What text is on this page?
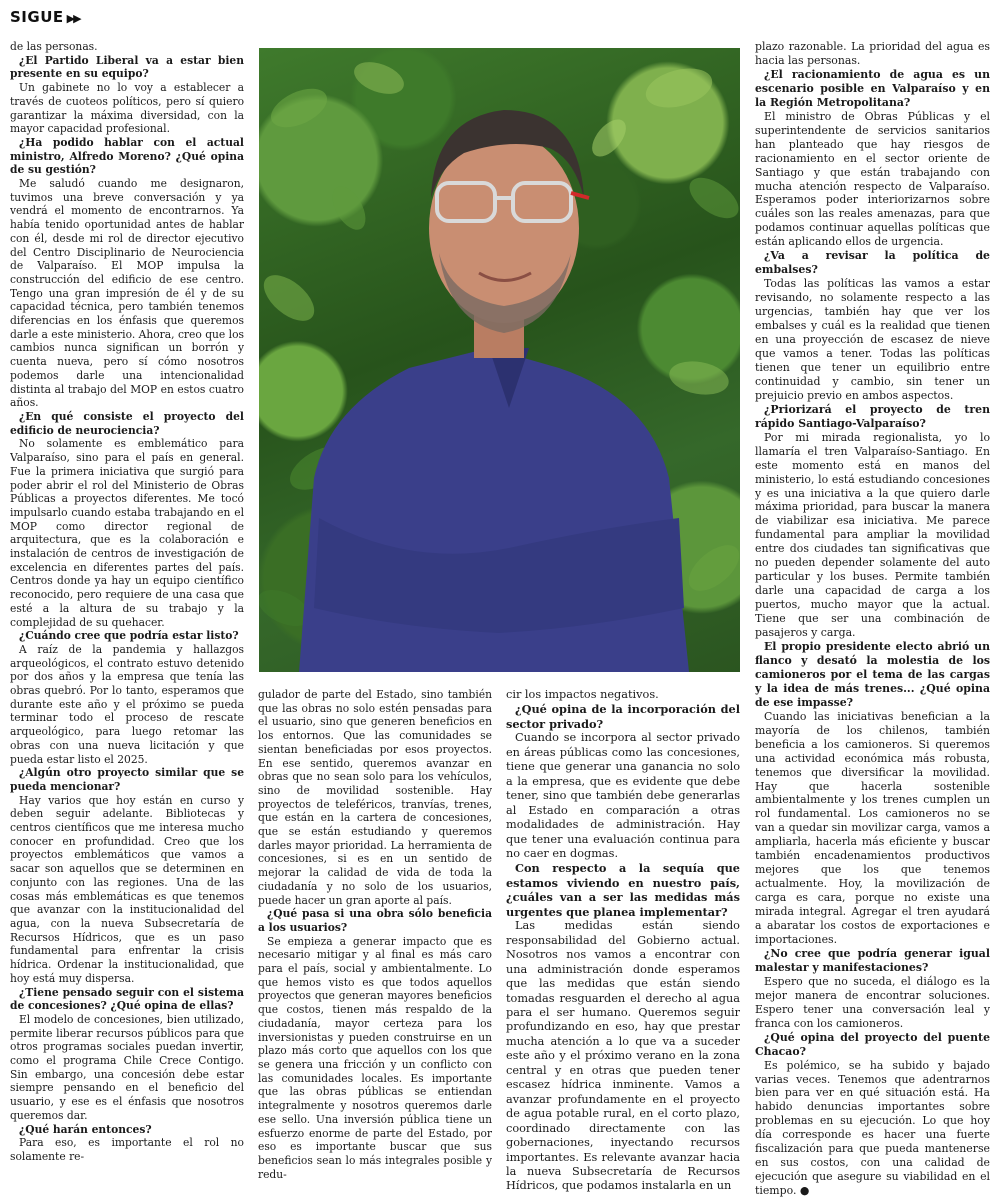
SIGUE ▶▶

de las personas.

¿El Partido Liberal va a estar bien presente en su equipo?

Un gabinete no lo voy a establecer a través de cuoteos políticos, pero sí quiero garantizar la máxima diversidad, con la mayor capacidad profesional.

¿Ha podido hablar con el actual ministro, Alfredo Moreno? ¿Qué opina de su gestión?

Me saludó cuando me designaron, tuvimos una breve conversación y ya vendrá el momento de encontrarnos. Ya había tenido oportunidad antes de hablar con él, desde mi rol de director ejecutivo del Centro Disciplinario de Neurociencia de Valparaíso. El MOP impulsa la construcción del edificio de ese centro. Tengo una gran impresión de él y de su capacidad técnica, pero también tenemos diferencias en los énfasis que queremos darle a este ministerio. Ahora, creo que los cambios nunca significan un borrón y cuenta nueva, pero sí cómo nosotros podemos darle una intencionalidad distinta al trabajo del MOP en estos cuatro años.

¿En qué consiste el proyecto del edificio de neurociencia?

No solamente es emblemático para Valparaíso, sino para el país en general. Fue la primera iniciativa que surgió para poder abrir el rol del Ministerio de Obras Públicas a proyectos diferentes. Me tocó impulsarlo cuando estaba trabajando en el MOP como director regional de arquitectura, que es la colaboración e instalación de centros de investigación de excelencia en diferentes partes del país. Centros donde ya hay un equipo científico reconocido, pero requiere de una casa que esté a la altura de su trabajo y la complejidad de su quehacer.

¿Cuándo cree que podría estar listo?

A raíz de la pandemia y hallazgos arqueológicos, el contrato estuvo detenido por dos años y la empresa que tenía las obras quebró. Por lo tanto, esperamos que durante este año y el próximo se pueda terminar todo el proceso de rescate arqueológico, para luego retomar las obras con una nueva licitación y que pueda estar listo el 2025.

¿Algún otro proyecto similar que se pueda mencionar?

Hay varios que hoy están en curso y deben seguir adelante. Bibliotecas y centros científicos que me interesa mucho conocer en profundidad. Creo que los proyectos emblemáticos que vamos a sacar son aquellos que se determinen en conjunto con las regiones. Una de las cosas más emblemáticas es que tenemos que avanzar con la institucionalidad del agua, con la nueva Subsecretaría de Recursos Hídricos, que es un paso fundamental para enfrentar la crisis hídrica. Ordenar la institucionalidad, que hoy está muy dispersa.

¿Tiene pensado seguir con el sistema de concesiones? ¿Qué opina de ellas?

El modelo de concesiones, bien utilizado, permite liberar recursos públicos para que otros programas sociales puedan invertir, como el programa Chile Crece Contigo. Sin embargo, una concesión debe estar siempre pensando en el beneficio del usuario, y ese es el énfasis que nosotros queremos dar.

¿Qué harán entonces?

Para eso, es importante el rol no solamente re-

gulador de parte del Estado, sino también que las obras no solo estén pensadas para el usuario, sino que generen beneficios en los entornos. Que las comunidades se sientan beneficiadas por esos proyectos. En ese sentido, queremos avanzar en obras que no sean solo para los vehículos, sino de movilidad sostenible. Hay proyectos de teleféricos, tranvías, trenes, que están en la cartera de concesiones, que se están estudiando y queremos darles mayor prioridad. La herramienta de concesiones, si es en un sentido de mejorar la calidad de vida de toda la ciudadanía y no solo de los usuarios, puede hacer un gran aporte al país.

¿Qué pasa si una obra sólo beneficia a los usuarios?

Se empieza a generar impacto que es necesario mitigar y al final es más caro para el país, social y ambientalmente. Lo que hemos visto es que todos aquellos proyectos que generan mayores beneficios que costos, tienen más respaldo de la ciudadanía, mayor certeza para los inversionistas y pueden construirse en un plazo más corto que aquellos con los que se genera una fricción y un conflicto con las comunidades locales. Es importante que las obras públicas se entiendan integralmente y nosotros queremos darle ese sello. Una inversión pública tiene un esfuerzo enorme de parte del Estado, por eso es importante buscar que sus beneficios sean lo más integrales posible y redu-

cir los impactos negativos.

¿Qué opina de la incorporación del sector privado?

Cuando se incorpora al sector privado en áreas públicas como las concesiones, tiene que generar una ganancia no solo a la empresa, que es evidente que debe tener, sino que también debe generarlas al Estado en comparación a otras modalidades de administración. Hay que tener una evaluación continua para no caer en dogmas.

Con respecto a la sequía que estamos viviendo en nuestro país, ¿cuáles van a ser las medidas más urgentes que planea implementar?

Las medidas están siendo responsabilidad del Gobierno actual. Nosotros nos vamos a encontrar con una administración donde esperamos que las medidas que están siendo tomadas resguarden el derecho al agua para el ser humano. Queremos seguir profundizando en eso, hay que prestar mucha atención a lo que va a suceder este año y el próximo verano en la zona central y en otras que pueden tener escasez hídrica inminente. Vamos a avanzar profundamente en el proyecto de agua potable rural, en el corto plazo, coordinado directamente con las gobernaciones, inyectando recursos importantes. Es relevante avanzar hacia la nueva Subsecretaría de Recursos Hídricos, que podamos instalarla en un

plazo razonable. La prioridad del agua es hacia las personas.

¿El racionamiento de agua es un escenario posible en Valparaíso y en la Región Metropolitana?

El ministro de Obras Públicas y el superintendente de servicios sanitarios han planteado que hay riesgos de racionamiento en el sector oriente de Santiago y que están trabajando con mucha atención respecto de Valparaíso. Esperamos poder interiorizarnos sobre cuáles son las reales amenazas, para que podamos continuar aquellas políticas que están aplicando ellos de urgencia.

¿Va a revisar la política de embalses?

Todas las políticas las vamos a estar revisando, no solamente respecto a las urgencias, también hay que ver los embalses y cuál es la realidad que tienen en una proyección de escasez de nieve que vamos a tener. Todas las políticas tienen que tener un equilibrio entre continuidad y cambio, sin tener un prejuicio previo en ambos aspectos.

¿Priorizará el proyecto de tren rápido Santiago-Valparaíso?

Por mi mirada regionalista, yo lo llamaría el tren Valparaíso-Santiago. En este momento está en manos del ministerio, lo está estudiando concesiones y es una iniciativa a la que quiero darle máxima prioridad, para buscar la manera de viabilizar esa iniciativa. Me parece fundamental para ampliar la movilidad entre dos ciudades tan significativas que no pueden depender solamente del auto particular y los buses. Permite también darle una capacidad de carga a los puertos, mucho mayor que la actual. Tiene que ser una combinación de pasajeros y carga.

El propio presidente electo abrió un flanco y desató la molestia de los camioneros por el tema de las cargas y la idea de más trenes... ¿Qué opina de ese impasse?

Cuando las iniciativas benefician a la mayoría de los chilenos, también beneficia a los camioneros. Si queremos una actividad económica más robusta, tenemos que diversificar la movilidad. Hay que hacerla sostenible ambientalmente y los trenes cumplen un rol fundamental. Los camioneros no se van a quedar sin movilizar carga, vamos a ampliarla, hacerla más eficiente y buscar también encadenamientos productivos mejores que los que tenemos actualmente. Hoy, la movilización de carga es cara, porque no existe una mirada integral. Agregar el tren ayudará a abaratar los costos de exportaciones e importaciones.

¿No cree que podría generar igual malestar y manifestaciones?

Espero que no suceda, el diálogo es la mejor manera de encontrar soluciones. Espero tener una conversación leal y franca con los camioneros.

¿Qué opina del proyecto del puente Chacao?

Es polémico, se ha subido y bajado varias veces. Tenemos que adentrarnos bien para ver en qué situación está. Ha habido denuncias importantes sobre problemas en su ejecución. Lo que hoy día corresponde es hacer una fuerte fiscalización para que pueda mantenerse en sus costos, con una calidad de ejecución que asegure su viabilidad en el tiempo. ●
